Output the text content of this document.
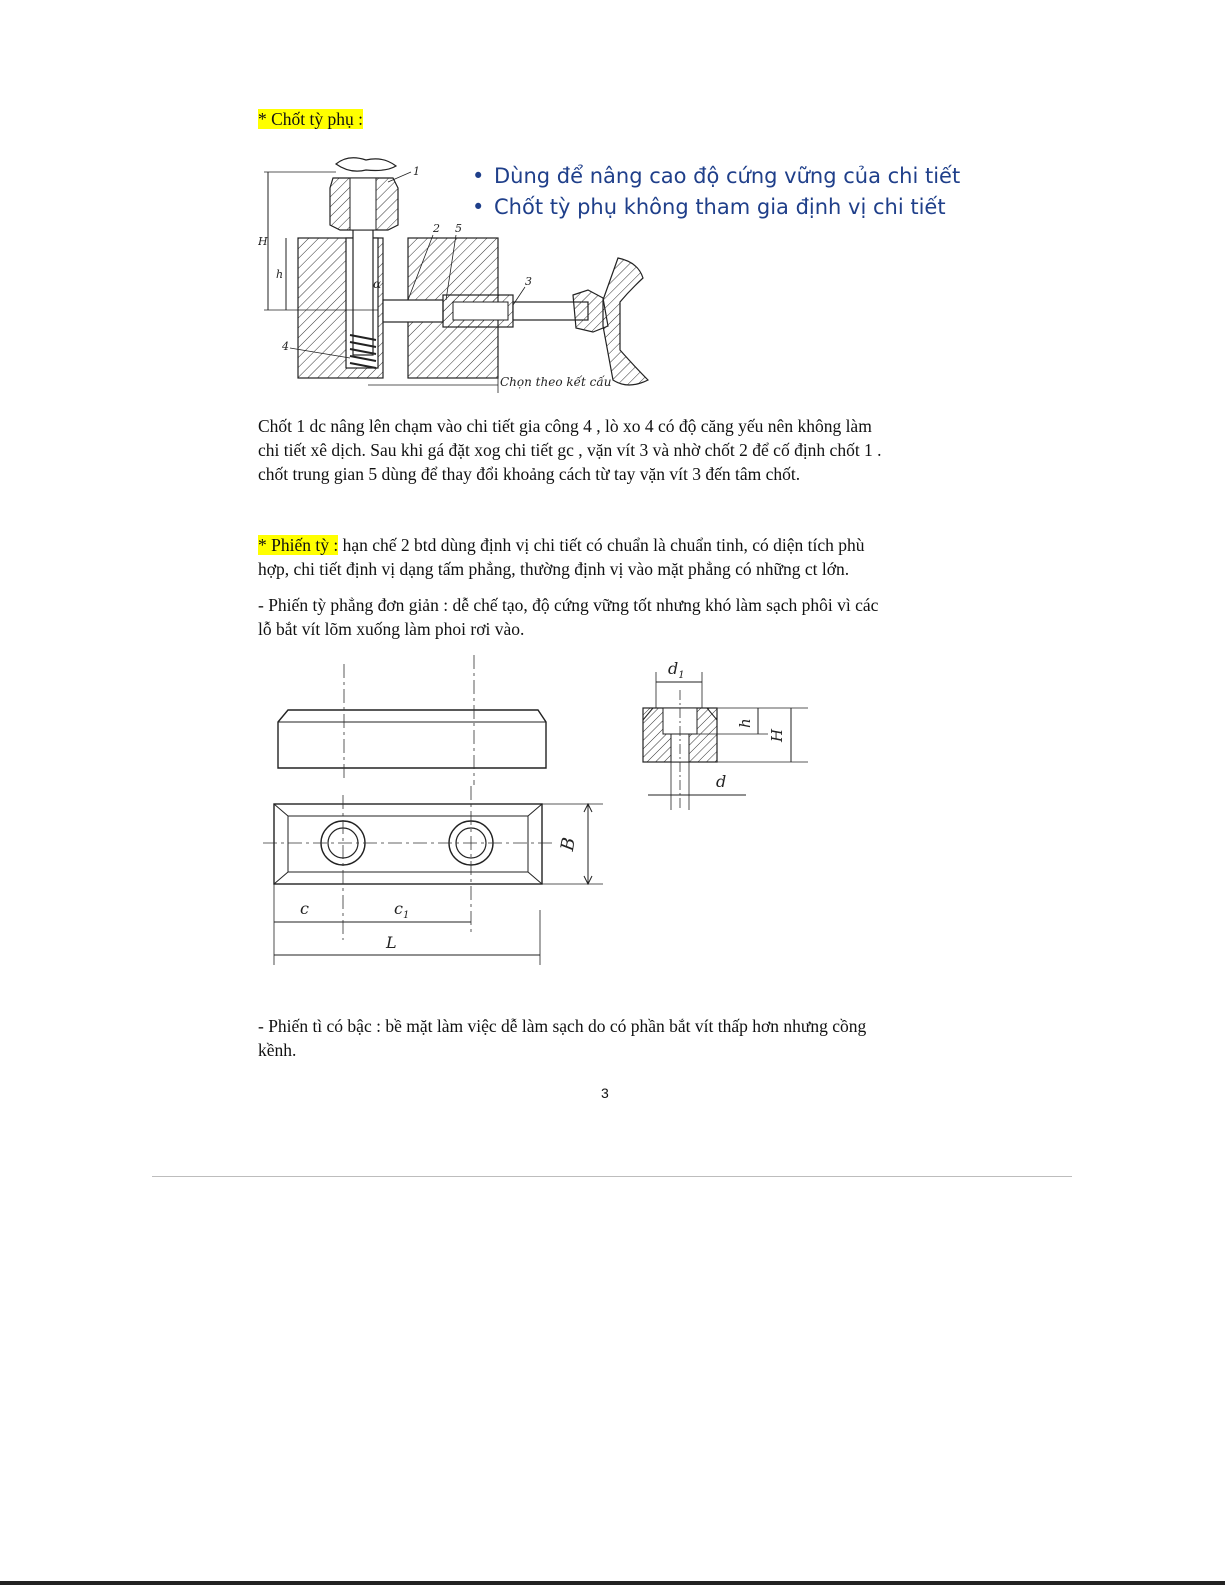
* Chốt tỳ phụ :
• Dùng để nâng cao độ cứng vững của chi tiết
• Chốt tỳ phụ không tham gia định vị chi tiết
H
h
α
1
2 5
3
4
Chọn theo kết cấu
Chốt 1 dc nâng lên chạm vào chi tiết gia công 4 , lò xo 4 có độ căng yếu nên không làm
chi tiết xê dịch. Sau khi gá đặt xog chi tiết gc , vặn vít 3 và nhờ chốt 2 để cố định chốt 1 .
chốt trung gian 5 dùng để thay đổi khoảng cách từ tay vặn vít 3 đến tâm chốt.
* Phiến tỳ : hạn chế 2 btd dùng định vị chi tiết có chuẩn là chuẩn tinh, có diện tích phù
hợp, chi tiết định vị dạng tấm phẳng, thường định vị vào mặt phẳng có những ct lớn.
- Phiến tỳ phẳng đơn giản : dễ chế tạo, độ cứng vững tốt nhưng khó làm sạch phôi vì các
lỗ bắt vít lõm xuống làm phoi rơi vào.
B
c	$c_1$
L
$d_1$
h
H
d
- Phiến tì có bậc : bề mặt làm việc dễ làm sạch do có phần bắt vít thấp hơn nhưng cồng
kềnh.
3
